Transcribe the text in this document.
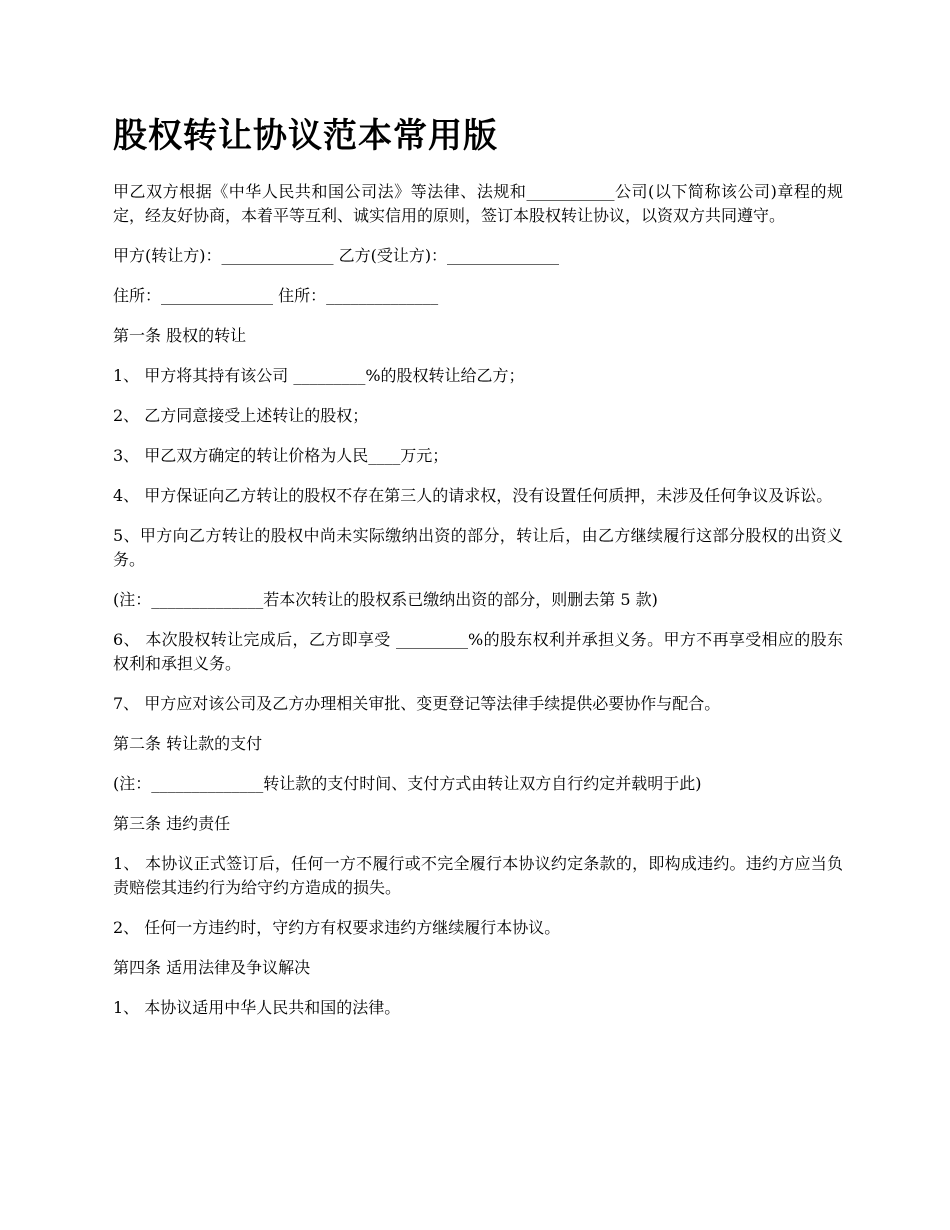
股权转让协议范本常用版

甲乙双方根据《中华人民共和国公司法》等法律、法规和___________公司(以下简称该公司)章程的规定，经友好协商，本着平等互利、诚实信用的原则，签订本股权转让协议，以资双方共同遵守。

甲方(转让方)：______________ 乙方(受让方)：______________

住所：______________ 住所：______________

第一条 股权的转让

1、 甲方将其持有该公司 _________%的股权转让给乙方；

2、 乙方同意接受上述转让的股权；

3、 甲乙双方确定的转让价格为人民____万元；

4、 甲方保证向乙方转让的股权不存在第三人的请求权，没有设置任何质押，未涉及任何争议及诉讼。

5、甲方向乙方转让的股权中尚未实际缴纳出资的部分，转让后，由乙方继续履行这部分股权的出资义务。

(注：______________若本次转让的股权系已缴纳出资的部分，则删去第 5 款)

6、 本次股权转让完成后，乙方即享受 _________%的股东权利并承担义务。甲方不再享受相应的股东权利和承担义务。

7、 甲方应对该公司及乙方办理相关审批、变更登记等法律手续提供必要协作与配合。

第二条 转让款的支付

(注：______________转让款的支付时间、支付方式由转让双方自行约定并载明于此)

第三条 违约责任

1、 本协议正式签订后，任何一方不履行或不完全履行本协议约定条款的，即构成违约。违约方应当负责赔偿其违约行为给守约方造成的损失。

2、 任何一方违约时，守约方有权要求违约方继续履行本协议。

第四条 适用法律及争议解决

1、 本协议适用中华人民共和国的法律。
